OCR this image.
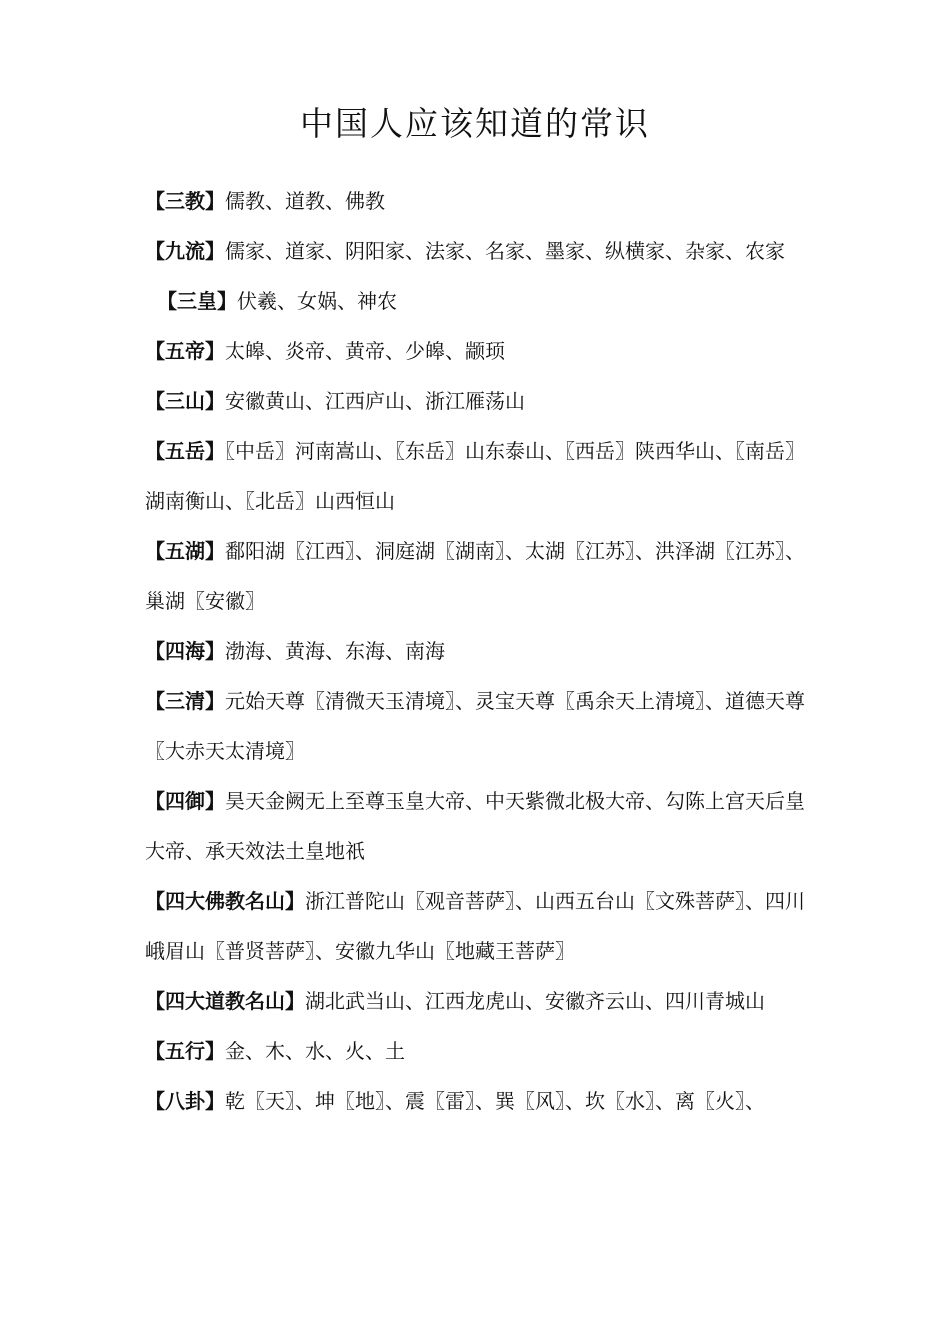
中国人应该知道的常识

【三教】儒教、道教、佛教

【九流】儒家、道家、阴阳家、法家、名家、墨家、纵横家、杂家、农家

【三皇】伏羲、女娲、神农

【五帝】太皞、炎帝、黄帝、少皞、颛顼

【三山】安徽黄山、江西庐山、浙江雁荡山

【五岳】〖中岳〗河南嵩山、〖东岳〗山东泰山、〖西岳〗陕西华山、〖南岳〗湖南衡山、〖北岳〗山西恒山

【五湖】鄱阳湖〖江西〗、洞庭湖〖湖南〗、太湖〖江苏〗、洪泽湖〖江苏〗、巢湖〖安徽〗

【四海】渤海、黄海、东海、南海

【三清】元始天尊〖清微天玉清境〗、灵宝天尊〖禹余天上清境〗、道德天尊〖大赤天太清境〗

【四御】昊天金阙无上至尊玉皇大帝、中天紫微北极大帝、勾陈上宫天后皇大帝、承天效法土皇地祇

【四大佛教名山】浙江普陀山〖观音菩萨〗、山西五台山〖文殊菩萨〗、四川峨眉山〖普贤菩萨〗、安徽九华山〖地藏王菩萨〗

【四大道教名山】湖北武当山、江西龙虎山、安徽齐云山、四川青城山

【五行】金、木、水、火、土

【八卦】乾〖天〗、坤〖地〗、震〖雷〗、巽〖风〗、坎〖水〗、离〖火〗、
